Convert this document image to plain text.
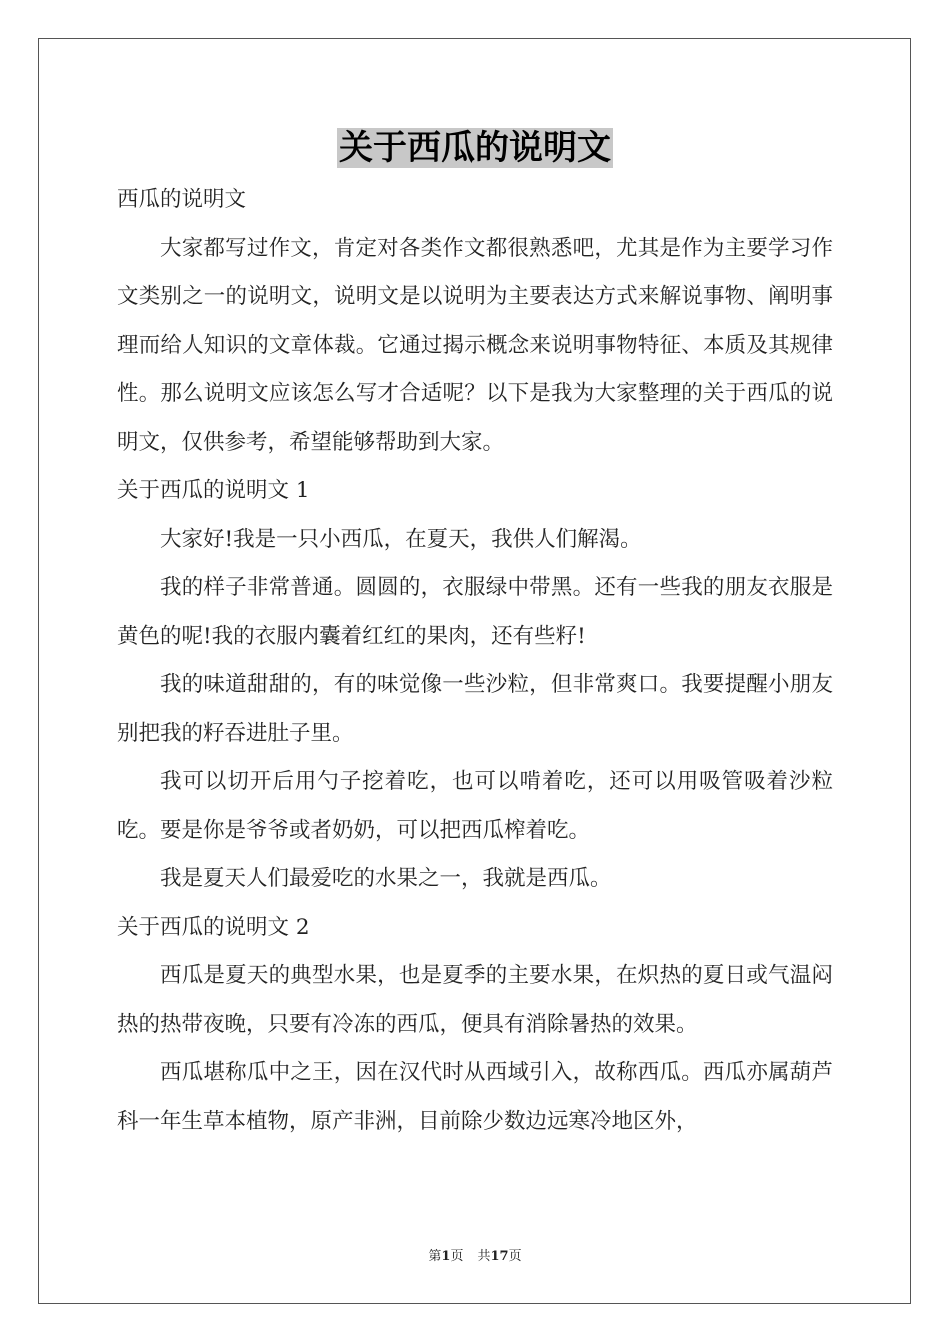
关于西瓜的说明文

西瓜的说明文

大家都写过作文，肯定对各类作文都很熟悉吧，尤其是作为主要学习作文类别之一的说明文，说明文是以说明为主要表达方式来解说事物、阐明事理而给人知识的文章体裁。它通过揭示概念来说明事物特征、本质及其规律性。那么说明文应该怎么写才合适呢？以下是我为大家整理的关于西瓜的说明文，仅供参考，希望能够帮助到大家。

关于西瓜的说明文 1

大家好!我是一只小西瓜，在夏天，我供人们解渴。

我的样子非常普通。圆圆的，衣服绿中带黑。还有一些我的朋友衣服是黄色的呢!我的衣服内囊着红红的果肉，还有些籽!

我的味道甜甜的，有的味觉像一些沙粒，但非常爽口。我要提醒小朋友别把我的籽吞进肚子里。

我可以切开后用勺子挖着吃，也可以啃着吃，还可以用吸管吸着沙粒吃。要是你是爷爷或者奶奶，可以把西瓜榨着吃。

我是夏天人们最爱吃的水果之一，我就是西瓜。

关于西瓜的说明文 2

西瓜是夏天的典型水果，也是夏季的主要水果，在炽热的夏日或气温闷热的热带夜晚，只要有冷冻的西瓜，便具有消除暑热的效果。

西瓜堪称瓜中之王，因在汉代时从西域引入，故称西瓜。西瓜亦属葫芦科一年生草本植物，原产非洲，目前除少数边远寒冷地区外，

第1页 共17页
